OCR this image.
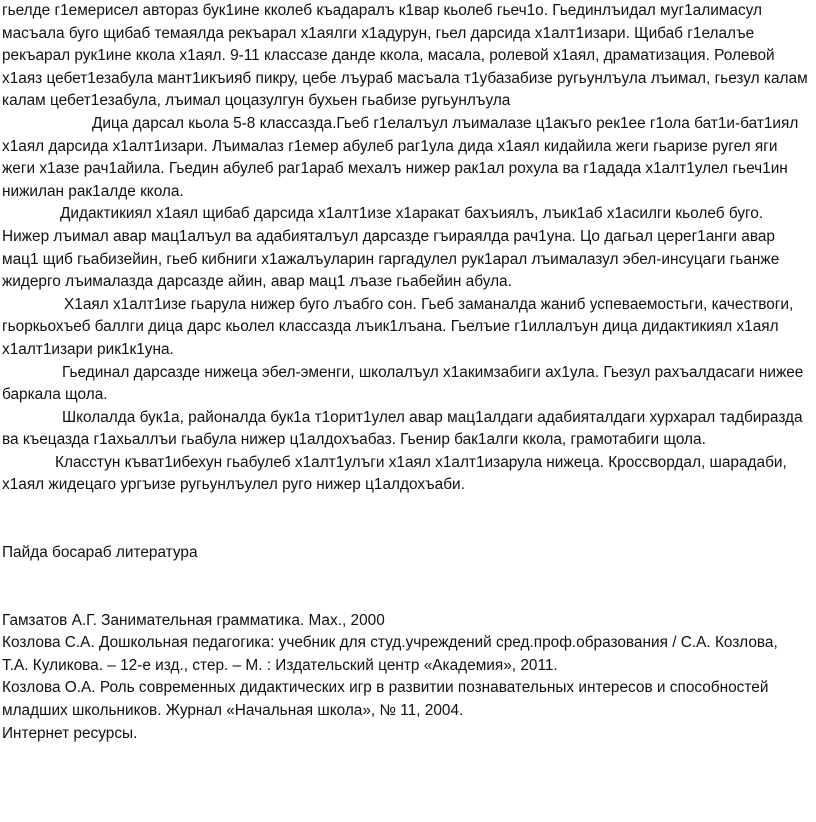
гьелде г1емерисел автораз бук1ине кколеб къадаралъ к1вар кьолеб гьеч1о. Гьединлъидал муг1алимасул масъала буго щибаб темаялда рекъарал х1аялги х1адурун, гьел дарсида х1алт1изари. Щибаб г1елалъе рекъарал рук1ине ккола х1аял. 9-11 классазе данде ккола, масала, ролевой х1аял, драматизация. Ролевой х1аяз цебет1езабула мант1икъияб пикру, цебе лъураб масъала т1убазабизе ругьунлъула лъимал, гьезул калам калам цебет1езабула, лъимал цоцазулгун бухьен гьабизе ругьунлъула

Дица дарсал кьола 5-8 классазда.Гьеб г1елалъул лъималазе ц1акъго рек1ее г1ола бат1и-бат1иял х1аял дарсида х1алт1изари. Лъималаз г1емер абулеб раг1ула дида х1аял кидайила жеги гьаризе ругел яги жеги х1азе рач1айила. Гьедин абулеб раг1араб мехалъ нижер рак1ал рохула ва г1адада х1алт1улел гьеч1ин нижилан рак1алде ккола.

Дидактикиял х1аял щибаб дарсида х1алт1изе х1аракат бахъиялъ, лъик1аб х1асилги кьолеб буго. Нижер лъимал авар мац1алъул ва адабияталъул дарсазде гъираялда рач1уна. Цо дагьал церег1анги авар мац1 щиб гьабизейин, гьеб кибниги х1ажалъуларин гаргадулел рук1арал лъималазул эбел-инсуцаги гьанже жидерго лъималазда дарсазде айин, авар мац1 лъазе гьабейин абула.

Х1аял х1алт1изе гьарула нижер буго лъабго сон. Гьеб заманалда жаниб успеваемостьги, качествоги, гьоркьохъеб баллги дица дарс кьолел классазда лъик1лъана. Гьелъие г1иллалъун дица дидактикиял х1аял х1алт1изари рик1к1уна.

Гьединал дарсазде нижеца эбел-эменги, школалъул х1акимзабиги ах1ула. Гьезул рахъалдасаги нижее баркала щола.

Школалда бук1а, районалда бук1а т1орит1улел авар мац1алдаги адабияталдаги хурхарал тадбиразда ва къецазда г1ахьаллъи гьабула нижер ц1алдохъабаз. Гьенир бак1алги ккола, грамотабиги щола.

Класстун къват1ибехун гьабулеб х1алт1улъги х1аял х1алт1изарула нижеца. Кроссвордал, шарадаби, х1аял жидецаго ургъизе ругьунлъулел руго нижер ц1алдохъаби.

Пайда босараб литература

Гамзатов А.Г. Занимательная грамматика. Мах., 2000

Козлова С.А. Дошкольная педагогика: учебник для студ.учреждений сред.проф.образования / С.А. Козлова, Т.А. Куликова. – 12-е изд., стер. – М. : Издательский центр «Академия», 2011.

Козлова О.А. Роль современных дидактических игр в развитии познавательных интересов и способностей младших школьников. Журнал «Начальная школа», № 11, 2004.

Интернет ресурсы.
